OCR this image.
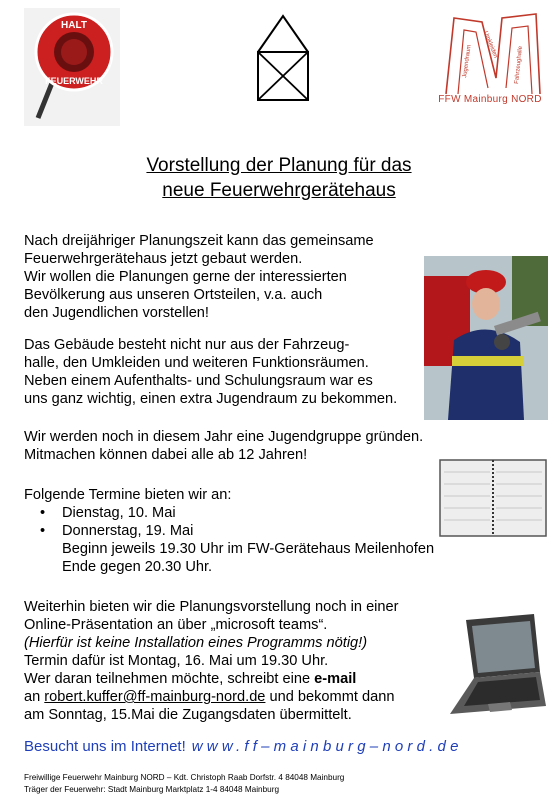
HALT
FEUERWEHR
Jugendraum Umkleiden
Fahrzeughalle
FFW Mainburg NORD
Vorstellung der Planung für das
neue Feuerwehrgerätehaus
Nach dreijähriger Planungszeit kann das gemeinsame
Feuerwehrgerätehaus jetzt gebaut werden.
Wir wollen die Planungen gerne der interessierten
Bevölkerung aus unseren Ortsteilen, v.a. auch
den Jugendlichen vorstellen!
Das Gebäude besteht nicht nur aus der Fahrzeug-
halle, den Umkleiden und weiteren Funktionsräumen.
Neben einem Aufenthalts- und Schulungsraum war es
uns ganz wichtig, einen extra Jugendraum zu bekommen.
Wir werden noch in diesem Jahr eine Jugendgruppe gründen.
Mitmachen können dabei alle ab 12 Jahren!
Folgende Termine bieten wir an:
•	Dienstag, 10. Mai
•	Donnerstag, 19. Mai
Beginn jeweils 19.30 Uhr im FW-Gerätehaus Meilenhofen
Ende gegen 20.30 Uhr.
Weiterhin bieten wir die Planungsvorstellung noch in einer
Online-Präsentation an über „microsoft teams“.
(Hierfür ist keine Installation eines Programms nötig!)
Termin dafür ist Montag, 16. Mai um 19.30 Uhr.
Wer daran teilnehmen möchte, schreibt eine e-mail
an robert.kuffer@ff-mainburg-nord.de und bekommt dann
am Sonntag, 15.Mai die Zugangsdaten übermittelt.
Besucht uns im Internet! www.ff–mainburg–nord.de
Freiwillige Feuerwehr Mainburg NORD – Kdt. Christoph Raab Dorfstr. 4 84048 Mainburg
Träger der Feuerwehr: Stadt Mainburg Marktplatz 1-4 84048 Mainburg
